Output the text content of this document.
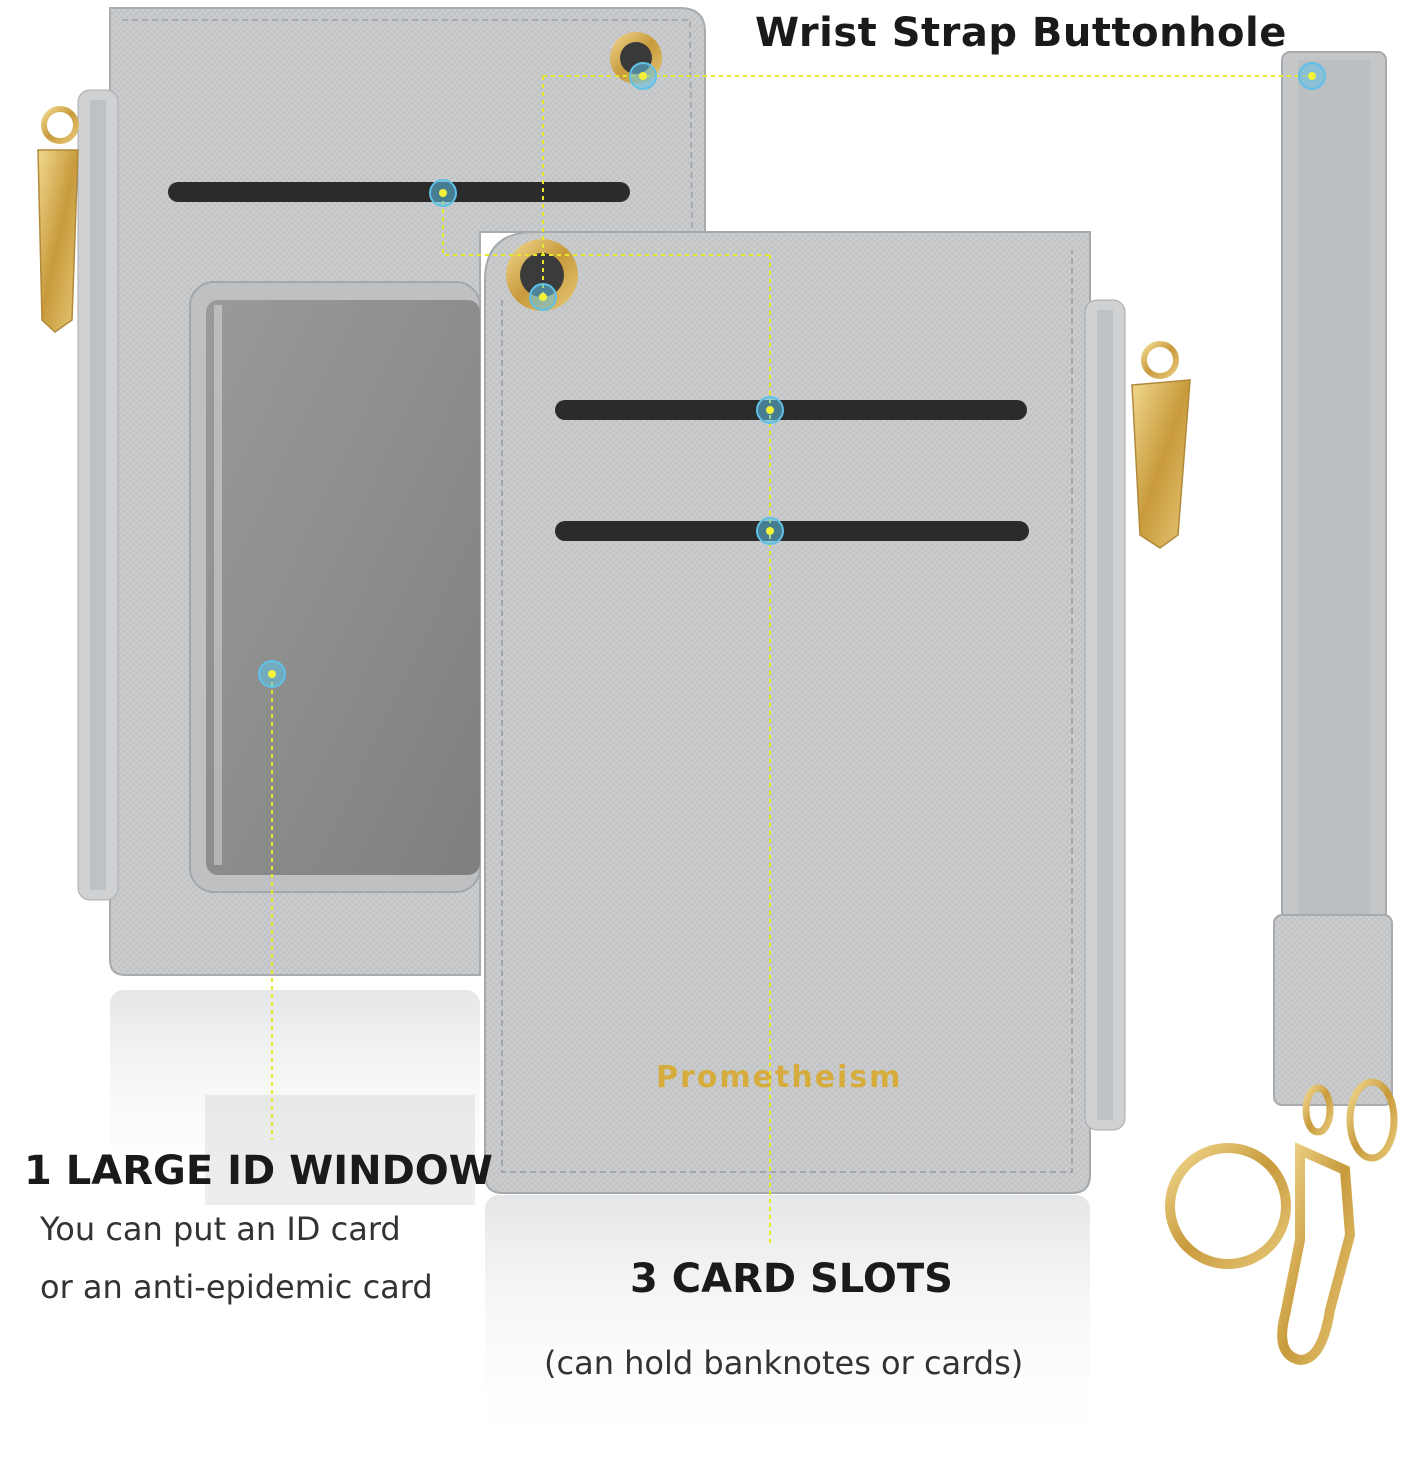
Prometheism
Wrist Strap Buttonhole
1 LARGE ID WINDOW

You can put an ID card

or an anti-epidemic card	3 CARD SLOTS

(can hold banknotes or cards)
